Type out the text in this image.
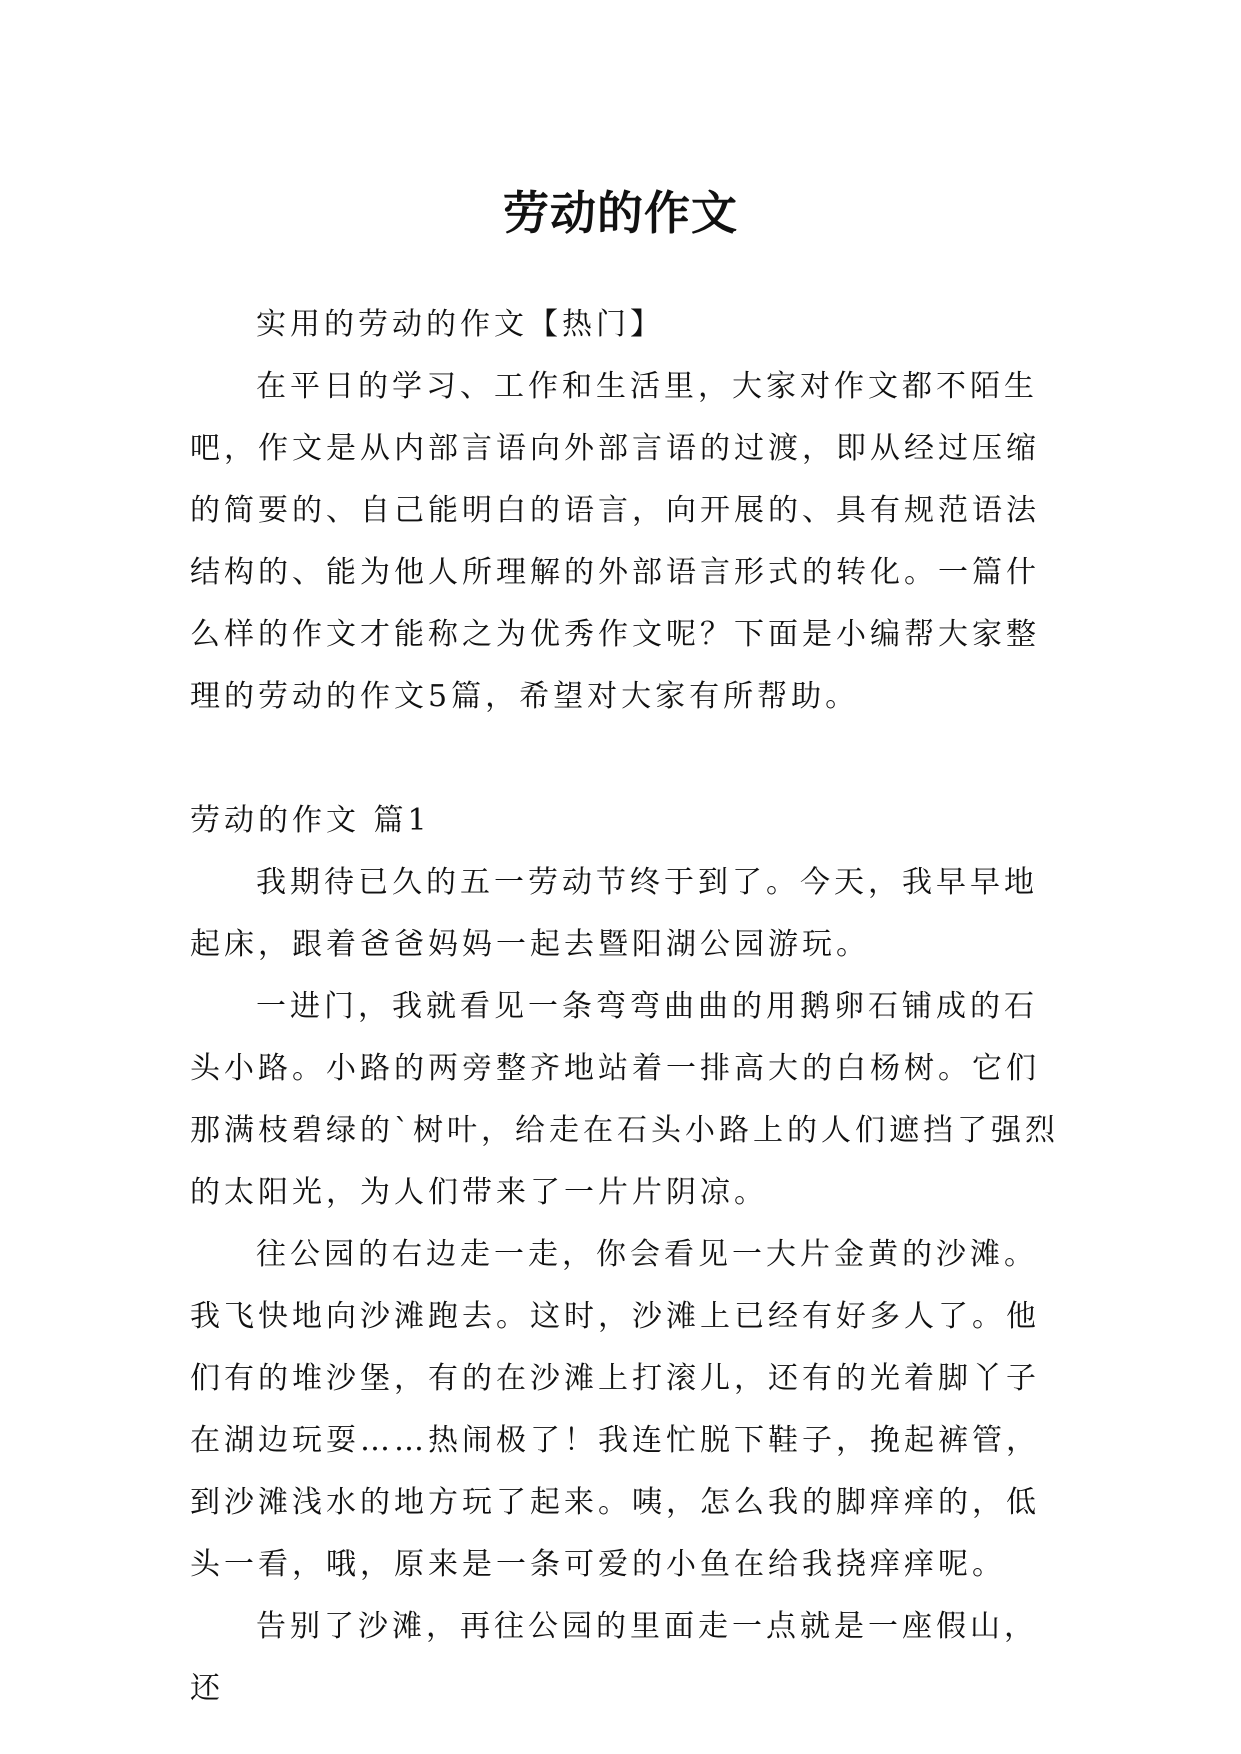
劳动的作文

实用的劳动的作文【热门】

在平日的学习、工作和生活里，大家对作文都不陌生吧，作文是从内部言语向外部言语的过渡，即从经过压缩的简要的、自己能明白的语言，向开展的、具有规范语法结构的、能为他人所理解的外部语言形式的转化。一篇什么样的作文才能称之为优秀作文呢？下面是小编帮大家整理的劳动的作文5篇，希望对大家有所帮助。

劳动的作文 篇1

我期待已久的五一劳动节终于到了。今天，我早早地起床，跟着爸爸妈妈一起去暨阳湖公园游玩。

一进门，我就看见一条弯弯曲曲的用鹅卵石铺成的石头小路。小路的两旁整齐地站着一排高大的白杨树。它们那满枝碧绿的`树叶，给走在石头小路上的人们遮挡了强烈的太阳光，为人们带来了一片片阴凉。

往公园的右边走一走，你会看见一大片金黄的沙滩。我飞快地向沙滩跑去。这时，沙滩上已经有好多人了。他们有的堆沙堡，有的在沙滩上打滚儿，还有的光着脚丫子在湖边玩耍……热闹极了！我连忙脱下鞋子，挽起裤管，到沙滩浅水的地方玩了起来。咦，怎么我的脚痒痒的，低头一看，哦，原来是一条可爱的小鱼在给我挠痒痒呢。

告别了沙滩，再往公园的里面走一点就是一座假山，还
